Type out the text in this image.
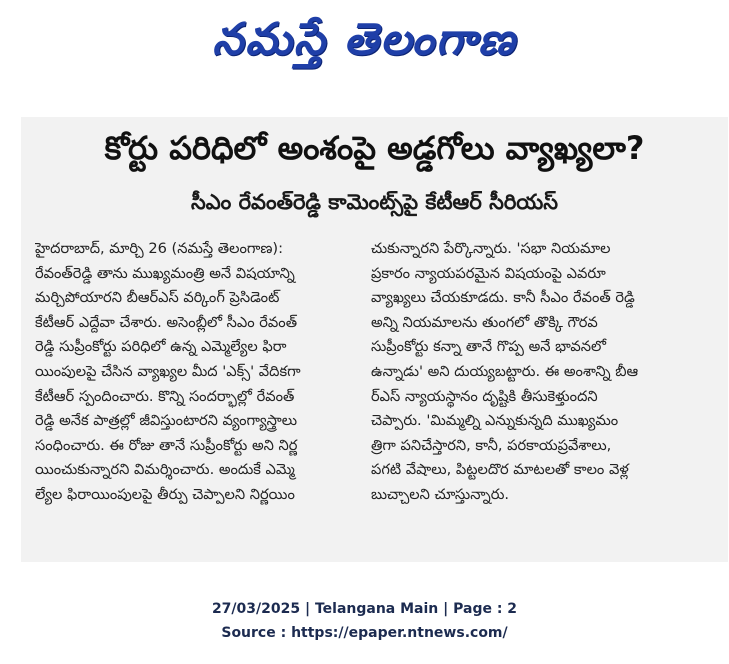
నమస్తే తెలంగాణ
కోర్టు పరిధిలో అంశంపై అడ్డగోలు వ్యాఖ్యలా?
సీఎం రేవంత్‌రెడ్డి కామెంట్స్‌పై కేటీఆర్ సీరియస్
హైదరాబాద్, మార్చి 26 (నమస్తే తెలంగాణ):
రేవంత్‌రెడ్డి తాను ముఖ్యమంత్రి అనే విషయాన్ని
మర్చిపోయారని బీఆర్‌ఎస్ వర్కింగ్ ప్రెసిడెంట్
కేటీఆర్ ఎద్దేవా చేశారు. అసెంబ్లీలో సీఎం రేవంత్
రెడ్డి సుప్రీంకోర్టు పరిధిలో ఉన్న ఎమ్మెల్యేల ఫిరా
యింపులపై చేసిన వ్యాఖ్యల మీద 'ఎక్స్' వేదికగా
కేటీఆర్ స్పందించారు. కొన్ని సందర్భాల్లో రేవంత్
రెడ్డి అనేక పాత్రల్లో జీవిస్తుంటారని వ్యంగ్యాస్త్రాలు
సంధించారు. ఈ రోజు తానే సుప్రీంకోర్టు అని నిర్ణ
యించుకున్నారని విమర్శించారు. అందుకే ఎమ్మె
ల్యేల ఫిరాయింపులపై తీర్పు చెప్పాలని నిర్ణయిం
చుకున్నారని పేర్కొన్నారు. 'సభా నియమాల
ప్రకారం న్యాయపరమైన విషయంపై ఎవరూ
వ్యాఖ్యలు చేయకూడదు. కానీ సీఎం రేవంత్ రెడ్డి
అన్ని నియమాలను తుంగలో తొక్కి గౌరవ
సుప్రీంకోర్టు కన్నా తానే గొప్ప అనే భావనలో
ఉన్నాడు' అని దుయ్యబట్టారు. ఈ అంశాన్ని బీఆ
ర్‌ఎస్ న్యాయస్థానం దృష్టికి తీసుకెళ్తుందని
చెప్పారు. 'మిమ్మల్ని ఎన్నుకున్నది ముఖ్యమం
త్రిగా పనిచేస్తారని, కానీ, పరకాయప్రవేశాలు,
పగటి వేషాలు, పిట్టలదొర మాటలతో కాలం వెళ్ల
బుచ్చాలని చూస్తున్నారు.
27/03/2025 | Telangana Main | Page : 2
Source : https://epaper.ntnews.com/
